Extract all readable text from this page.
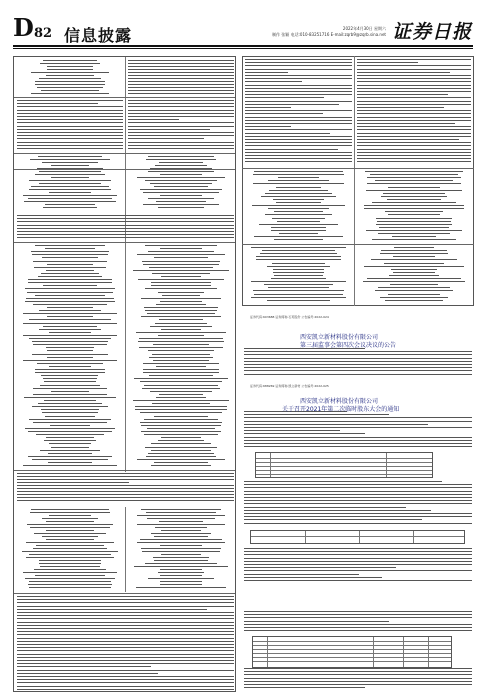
D 82 信息披露	2022年4月30日 星期六
制作 张颖 电话:010-83251716 E-mail:zqrb9@zqrb.sina.net 证券日报
证券代码:603688 证券简称:石英股份 公告编号:2022-024
西安凯立新材料股份有限公司
第三届监事会第四次会议决议的公告
证券代码:688269 证券简称:凯立新材 公告编号:2022-025
西安凯立新材料股份有限公司
关于召开2021年第二次临时股东大会的通知
